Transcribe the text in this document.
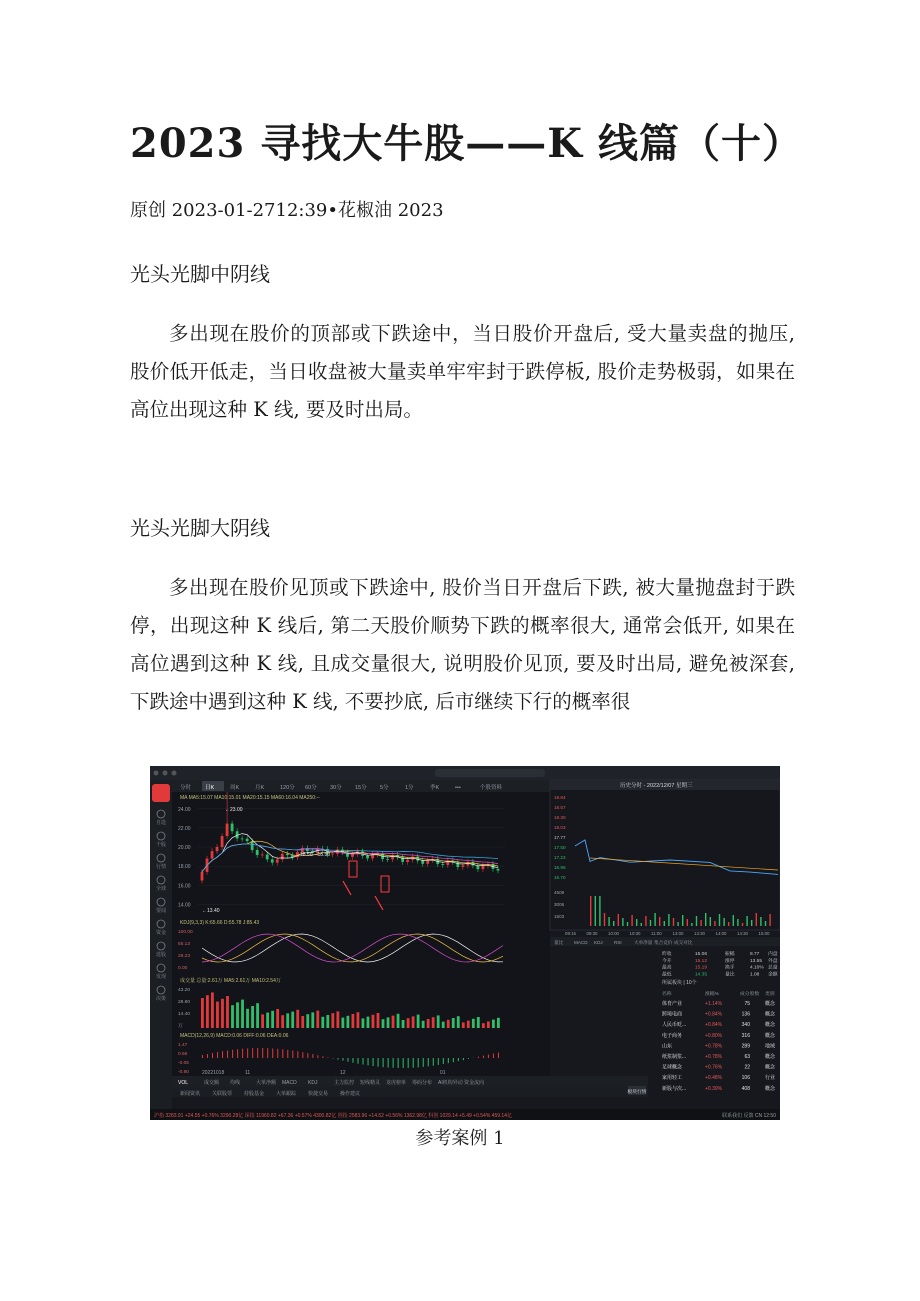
2023 寻找大牛股——K 线篇（十）
原创 2023-01-2712:39•花椒油 2023
光头光脚中阴线

多出现在股价的顶部或下跌途中，当日股价开盘后, 受大量卖盘的抛压, 股价低开低走，当日收盘被大量卖单牢牢封于跌停板, 股价走势极弱，如果在高位出现这种 K 线, 要及时出局。

光头光脚大阴线

多出现在股价见顶或下跌途中, 股价当日开盘后下跌, 被大量抛盘封于跌停，出现这种 K 线后, 第二天股价顺势下跌的概率很大, 通常会低开, 如果在高位遇到这种 K 线, 且成交量很大, 说明股价见顶, 要及时出局, 避免被深套, 下跌途中遇到这种 K 线, 不要抄底, 后市继续下行的概率很

自选
个股
行情
全球
要闻
资金
选股
发现
决策
分时	日K	周K	月K	120分 60分 30分 15分 5分	1分	季K	•••	个股资料
MA MA5:15.07 MA10:15.01 MA20:15.15 MA60:16.04 MA250:--
24.00
22.00
20.00
18.00
16.00
14.00
←23.00
←13.40
18.56—18.50
KDJ(9,3,3) K:65.66 D:55.78 J:85.43
100.00
65.13
28.23
0.00
成交量 总量:2.61万 MA5:2.61万 MA10:2.54万
43.20
28.80
14.40
万
MACD(12,26,9) MACD:0.06 DIFF:0.06 DEA:0.06
1.47
0.66
-0.06
-0.80	20221018	11	12	01
VOL	成交额 均线	大单净额 MACD KDJ	主力监控 短线精灵 龙虎榜单 筹码分布 AI机构异动 资金流向
新闻资讯 关联股票 持股基金 大单跟踪 快捷交易 操作建议
历史分时 - 2022/12/07 星期三
18.84
18.57
18.30
18.03
17.77
17.50
17.23
16.96
16.70
4509
3006
1503
09:15 09:30 10:00 10:30 11:00 13:00 13:30 14:00 14:30 15:00
量比 MACD KDJ RSI	大单净量 集合竞价 成交对比
昨收	15.06	振幅	8.77 内盘
今开	15.12	涨停	13.55 外盘
最高	15.19	换手	4.10% 总量
最低	14.35	量比	1.08 金额
所属板块 | 10个
名称	涨幅%	成分股数 类别
体育产业	+1.14%	75	概念
跨境电商	+0.84%	136	概念
人民币贬...	+0.84%	340	概念
电子商务	+0.80%	316	概念
山东	+0.78%	289	地域
纸浆制浆...	+0.78%	63	概念
足球概念	+0.76%	22	概念
家用轻工	+0.48%	106	行业
新股与次...	+0.39%	408	概念
板块行情
沪指 3283.91 +24.55 +0.76% 3290.28亿 深指 11960.82 +67.36 +0.57% 4300.82亿 创指 2583.96 +14.52 +0.56% 1362.98亿 科创 1029.14 +5.49 +0.54% 459.14亿	联系我们 反馈 CN 12:50
参考案例 1
